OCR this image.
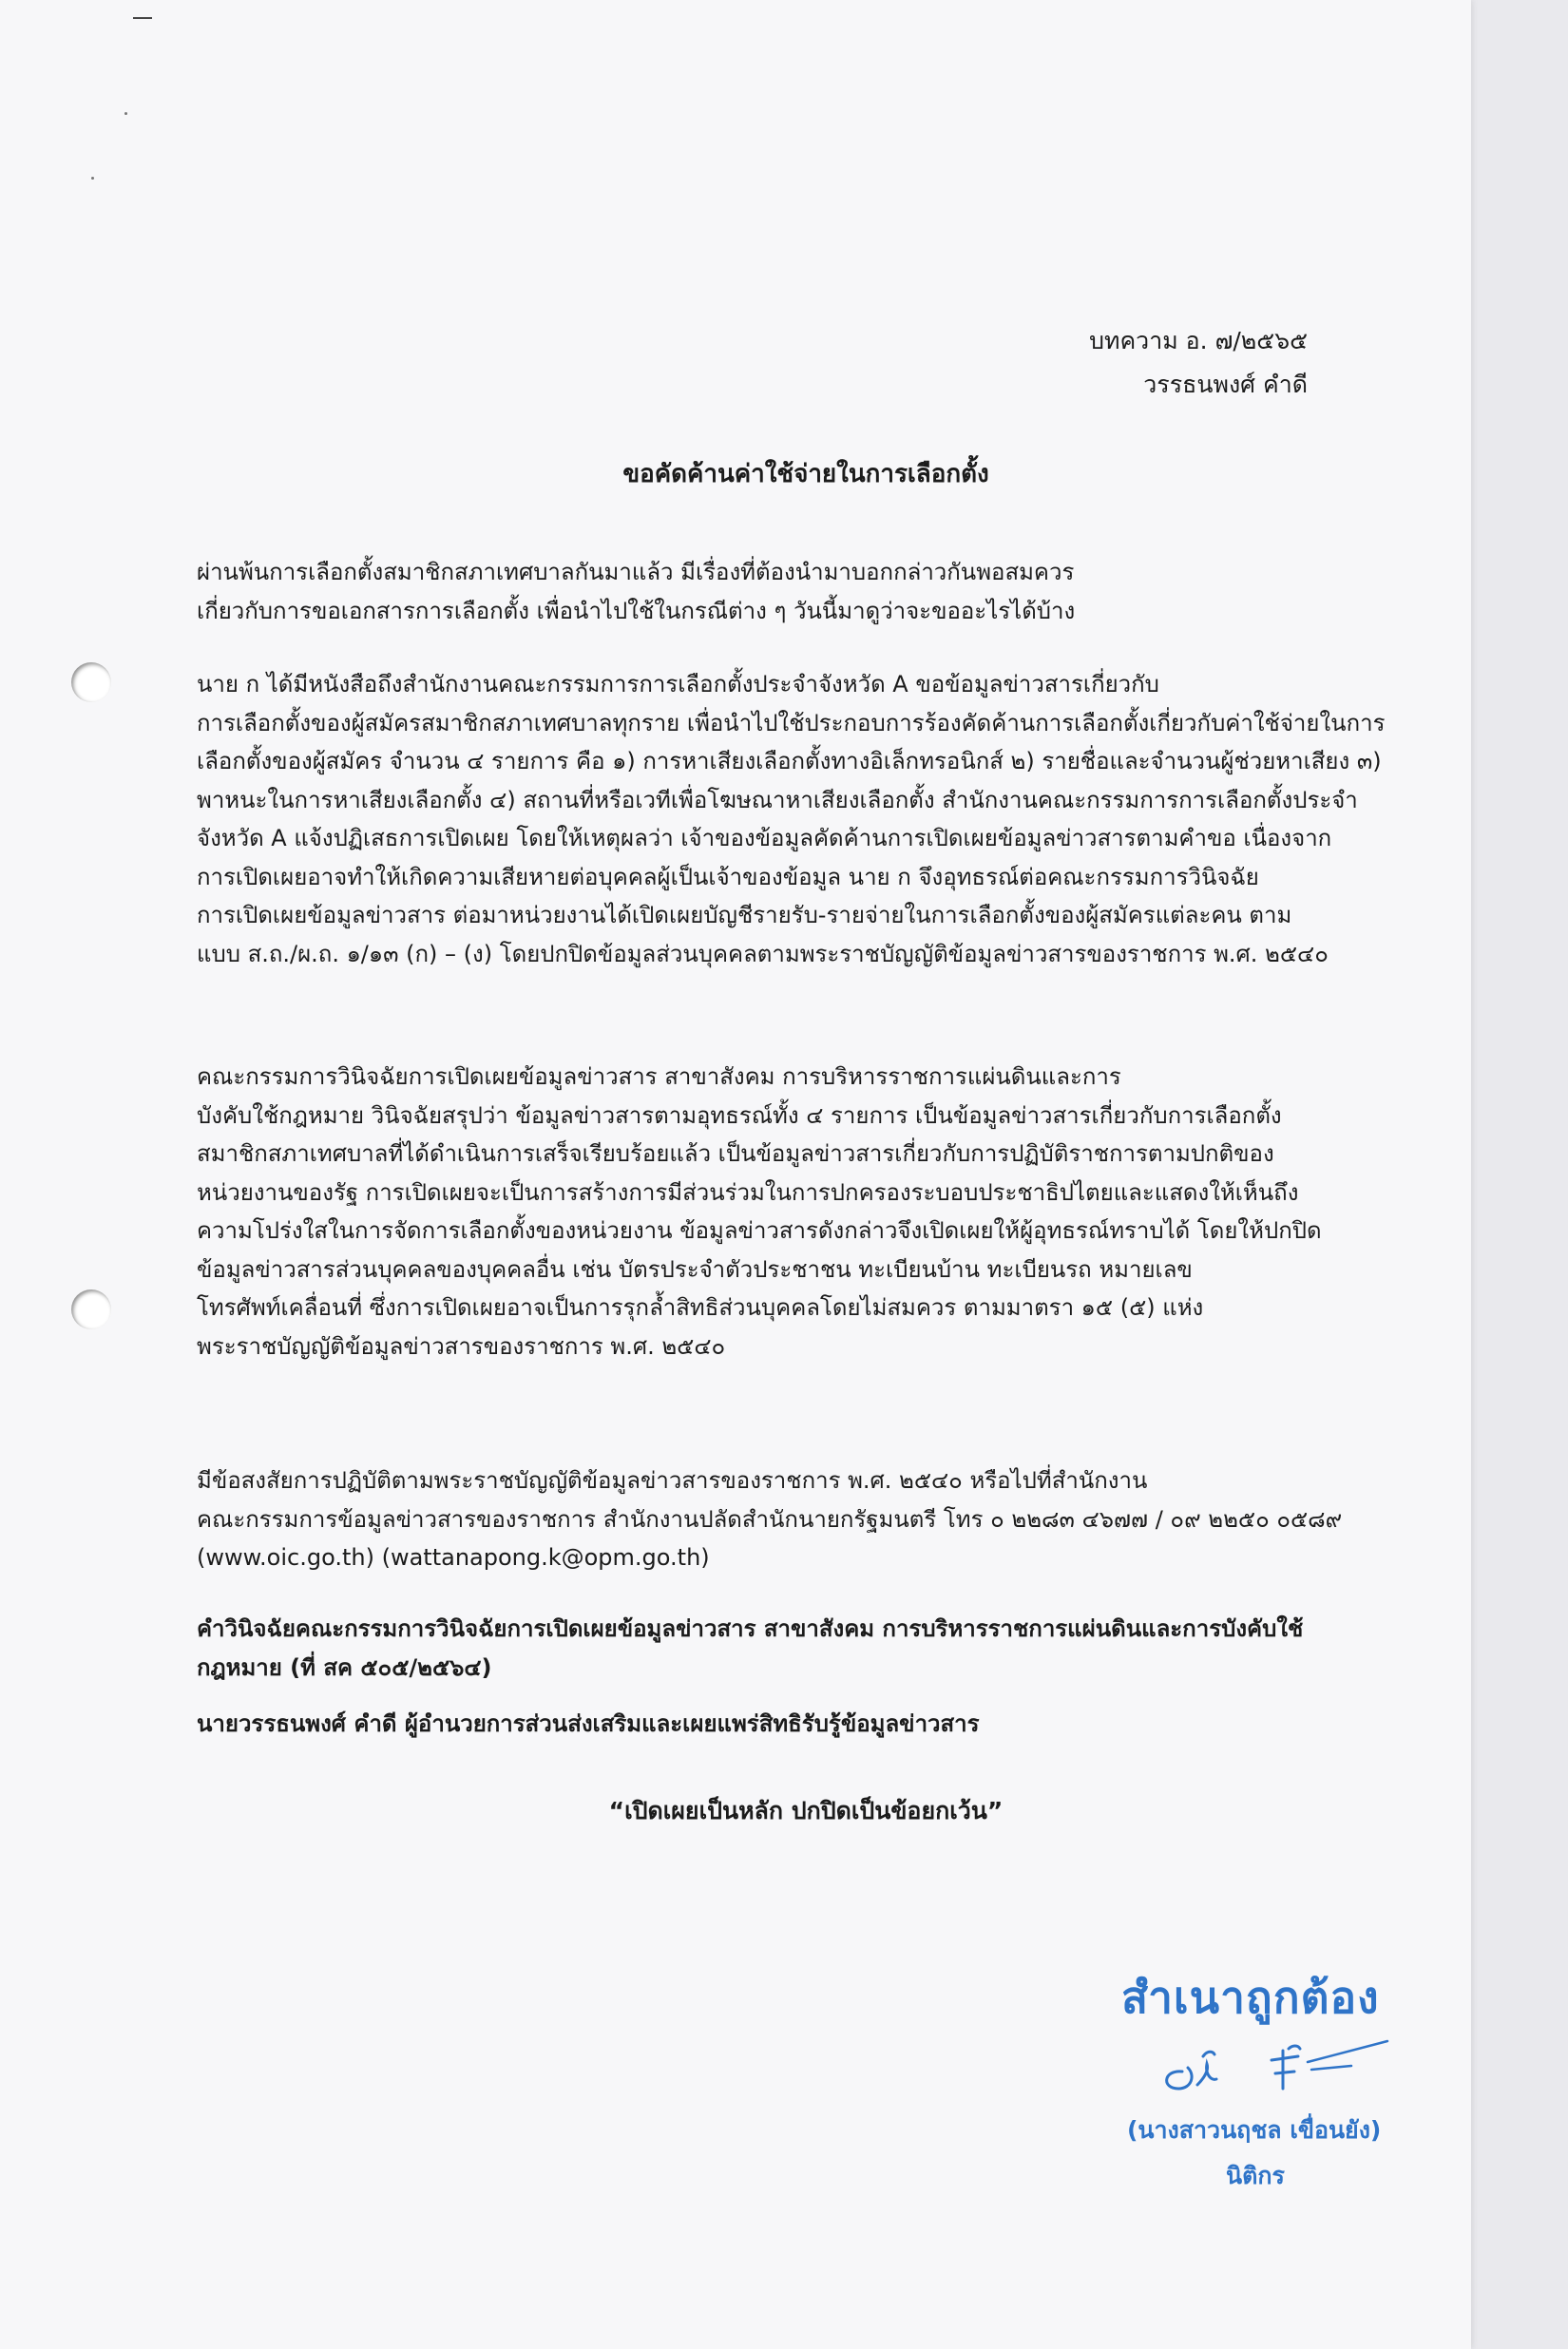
บทความ อ. ๗/๒๕๖๕
วรรธนพงศ์ คำดี
ขอคัดค้านค่าใช้จ่ายในการเลือกตั้ง
ผ่านพ้นการเลือกตั้งสมาชิกสภาเทศบาลกันมาแล้ว มีเรื่องที่ต้องนำมาบอกกล่าวกันพอสมควร
เกี่ยวกับการขอเอกสารการเลือกตั้ง เพื่อนำไปใช้ในกรณีต่าง ๆ วันนี้มาดูว่าจะขออะไรได้บ้าง
นาย ก ได้มีหนังสือถึงสำนักงานคณะกรรมการการเลือกตั้งประจำจังหวัด A ขอข้อมูลข่าวสารเกี่ยวกับ
การเลือกตั้งของผู้สมัครสมาชิกสภาเทศบาลทุกราย เพื่อนำไปใช้ประกอบการร้องคัดค้านการเลือกตั้งเกี่ยวกับค่าใช้จ่ายในการ
เลือกตั้งของผู้สมัคร จำนวน ๔ รายการ คือ ๑) การหาเสียงเลือกตั้งทางอิเล็กทรอนิกส์ ๒) รายชื่อและจำนวนผู้ช่วยหาเสียง ๓)
พาหนะในการหาเสียงเลือกตั้ง ๔) สถานที่หรือเวทีเพื่อโฆษณาหาเสียงเลือกตั้ง สำนักงานคณะกรรมการการเลือกตั้งประจำ
จังหวัด A แจ้งปฏิเสธการเปิดเผย โดยให้เหตุผลว่า เจ้าของข้อมูลคัดค้านการเปิดเผยข้อมูลข่าวสารตามคำขอ เนื่องจาก
การเปิดเผยอาจทำให้เกิดความเสียหายต่อบุคคลผู้เป็นเจ้าของข้อมูล นาย ก จึงอุทธรณ์ต่อคณะกรรมการวินิจฉัย
การเปิดเผยข้อมูลข่าวสาร ต่อมาหน่วยงานได้เปิดเผยบัญชีรายรับ-รายจ่ายในการเลือกตั้งของผู้สมัครแต่ละคน ตาม
แบบ ส.ถ./ผ.ถ. ๑/๑๓ (ก) – (ง) โดยปกปิดข้อมูลส่วนบุคคลตามพระราชบัญญัติข้อมูลข่าวสารของราชการ พ.ศ. ๒๕๔๐
คณะกรรมการวินิจฉัยการเปิดเผยข้อมูลข่าวสาร สาขาสังคม การบริหารราชการแผ่นดินและการ
บังคับใช้กฎหมาย วินิจฉัยสรุปว่า ข้อมูลข่าวสารตามอุทธรณ์ทั้ง ๔ รายการ เป็นข้อมูลข่าวสารเกี่ยวกับการเลือกตั้ง
สมาชิกสภาเทศบาลที่ได้ดำเนินการเสร็จเรียบร้อยแล้ว เป็นข้อมูลข่าวสารเกี่ยวกับการปฏิบัติราชการตามปกติของ
หน่วยงานของรัฐ การเปิดเผยจะเป็นการสร้างการมีส่วนร่วมในการปกครองระบอบประชาธิปไตยและแสดงให้เห็นถึง
ความโปร่งใสในการจัดการเลือกตั้งของหน่วยงาน ข้อมูลข่าวสารดังกล่าวจึงเปิดเผยให้ผู้อุทธรณ์ทราบได้ โดยให้ปกปิด
ข้อมูลข่าวสารส่วนบุคคลของบุคคลอื่น เช่น บัตรประจำตัวประชาชน ทะเบียนบ้าน ทะเบียนรถ หมายเลข
โทรศัพท์เคลื่อนที่ ซึ่งการเปิดเผยอาจเป็นการรุกล้ำสิทธิส่วนบุคคลโดยไม่สมควร ตามมาตรา ๑๕ (๕) แห่ง
พระราชบัญญัติข้อมูลข่าวสารของราชการ พ.ศ. ๒๕๔๐
มีข้อสงสัยการปฏิบัติตามพระราชบัญญัติข้อมูลข่าวสารของราชการ พ.ศ. ๒๕๔๐ หรือไปที่สำนักงาน
คณะกรรมการข้อมูลข่าวสารของราชการ สำนักงานปลัดสำนักนายกรัฐมนตรี โทร ๐ ๒๒๘๓ ๔๖๗๗ / ๐๙ ๒๒๕๐ ๐๕๘๙
(www.oic.go.th) (wattanapong.k@opm.go.th)
คำวินิจฉัยคณะกรรมการวินิจฉัยการเปิดเผยข้อมูลข่าวสาร สาขาสังคม การบริหารราชการแผ่นดินและการบังคับใช้
กฎหมาย (ที่ สค ๕๐๕/๒๕๖๔)
นายวรรธนพงศ์ คำดี ผู้อำนวยการส่วนส่งเสริมและเผยแพร่สิทธิรับรู้ข้อมูลข่าวสาร
“เปิดเผยเป็นหลัก ปกปิดเป็นข้อยกเว้น”
สำเนาถูกต้อง
(นางสาวนฤชล เขื่อนยัง)
นิติกร
